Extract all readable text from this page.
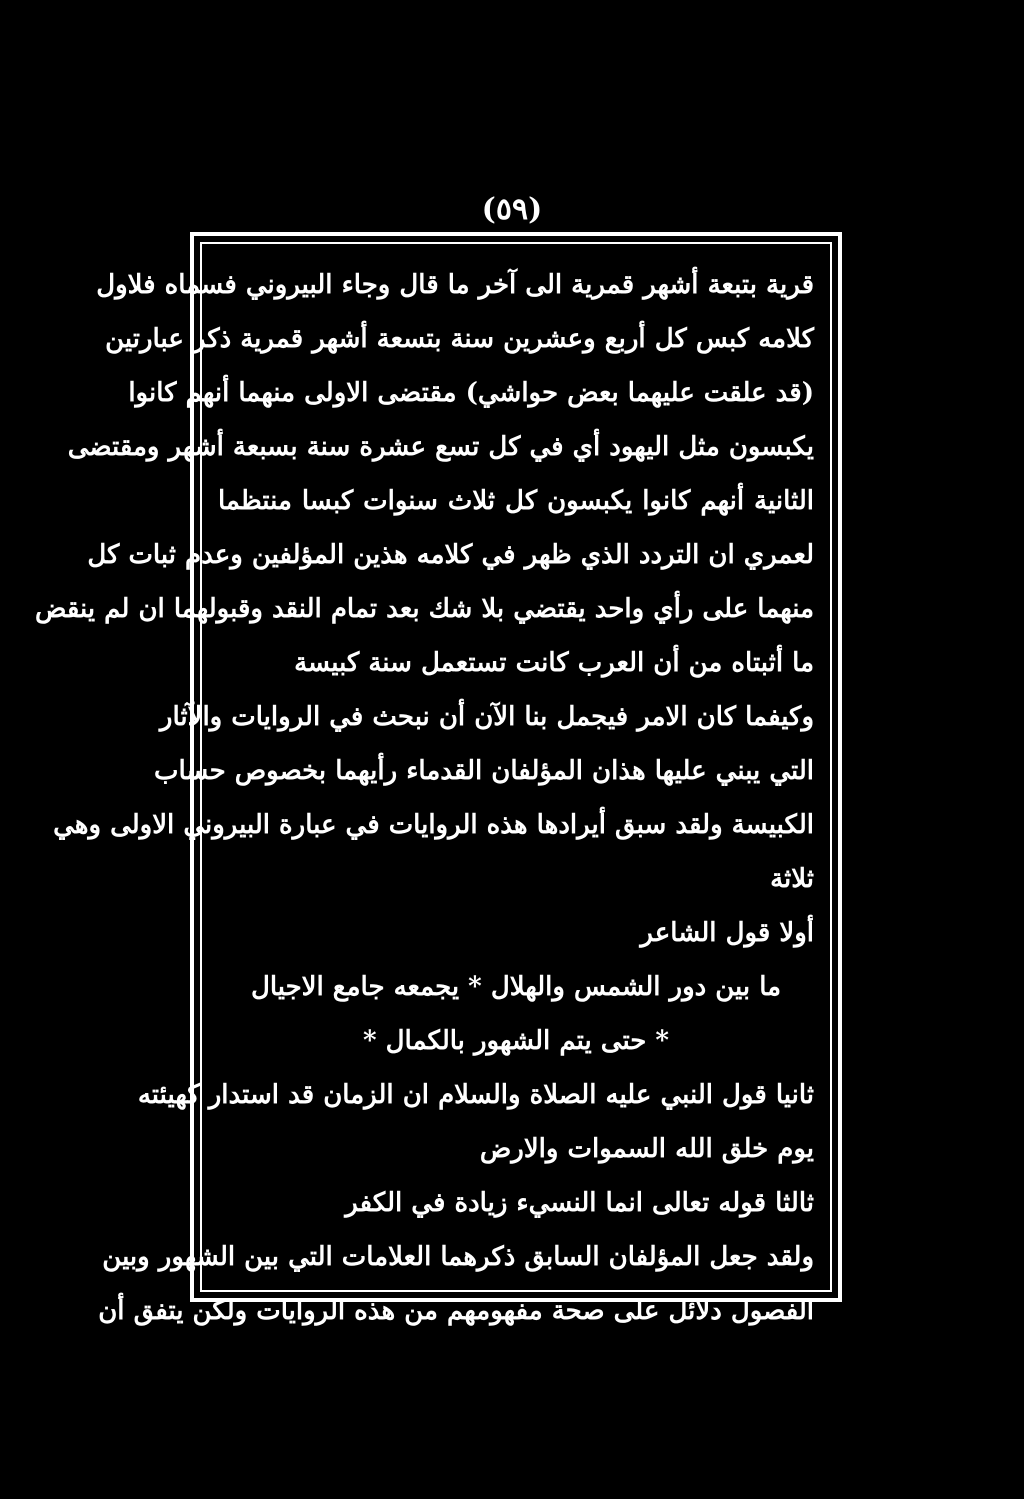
(٥٩)
قرية بتبعة أشهر قمرية الى آخر ما قال وجاء البيروني فسماه فلاول
كلامه كبس كل أربع وعشرين سنة بتسعة أشهر قمرية ذكر عبارتين
(قد علقت عليهما بعض حواشي) مقتضى الاولى منهما أنهم كانوا
يكبسون مثل اليهود أي في كل تسع عشرة سنة بسبعة أشهر ومقتضى
الثانية أنهم كانوا يكبسون كل ثلاث سنوات كبسا منتظما
لعمري ان التردد الذي ظهر في كلامه هذين المؤلفين وعدم ثبات كل
منهما على رأي واحد يقتضي بلا شك بعد تمام النقد وقبولهما ان لم ينقض
ما أثبتاه من أن العرب كانت تستعمل سنة كبيسة
وكيفما كان الامر فيجمل بنا الآن أن نبحث في الروايات والآثار
التي يبني عليها هذان المؤلفان القدماء رأيهما بخصوص حساب
الكبيسة ولقد سبق أيرادها هذه الروايات في عبارة البيروني الاولى وهي
ثلاثة
أولا قول الشاعر
ما بين دور الشمس والهلال * يجمعه جامع الاجيال
* حتى يتم الشهور بالكمال *
ثانيا قول النبي عليه الصلاة والسلام ان الزمان قد استدار كهيئته
يوم خلق الله السموات والارض
ثالثا قوله تعالى انما النسيء زيادة في الكفر
ولقد جعل المؤلفان السابق ذكرهما العلامات التي بين الشهور وبين
الفصول دلائل على صحة مفهومهم من هذه الروايات ولكن يتفق أن
